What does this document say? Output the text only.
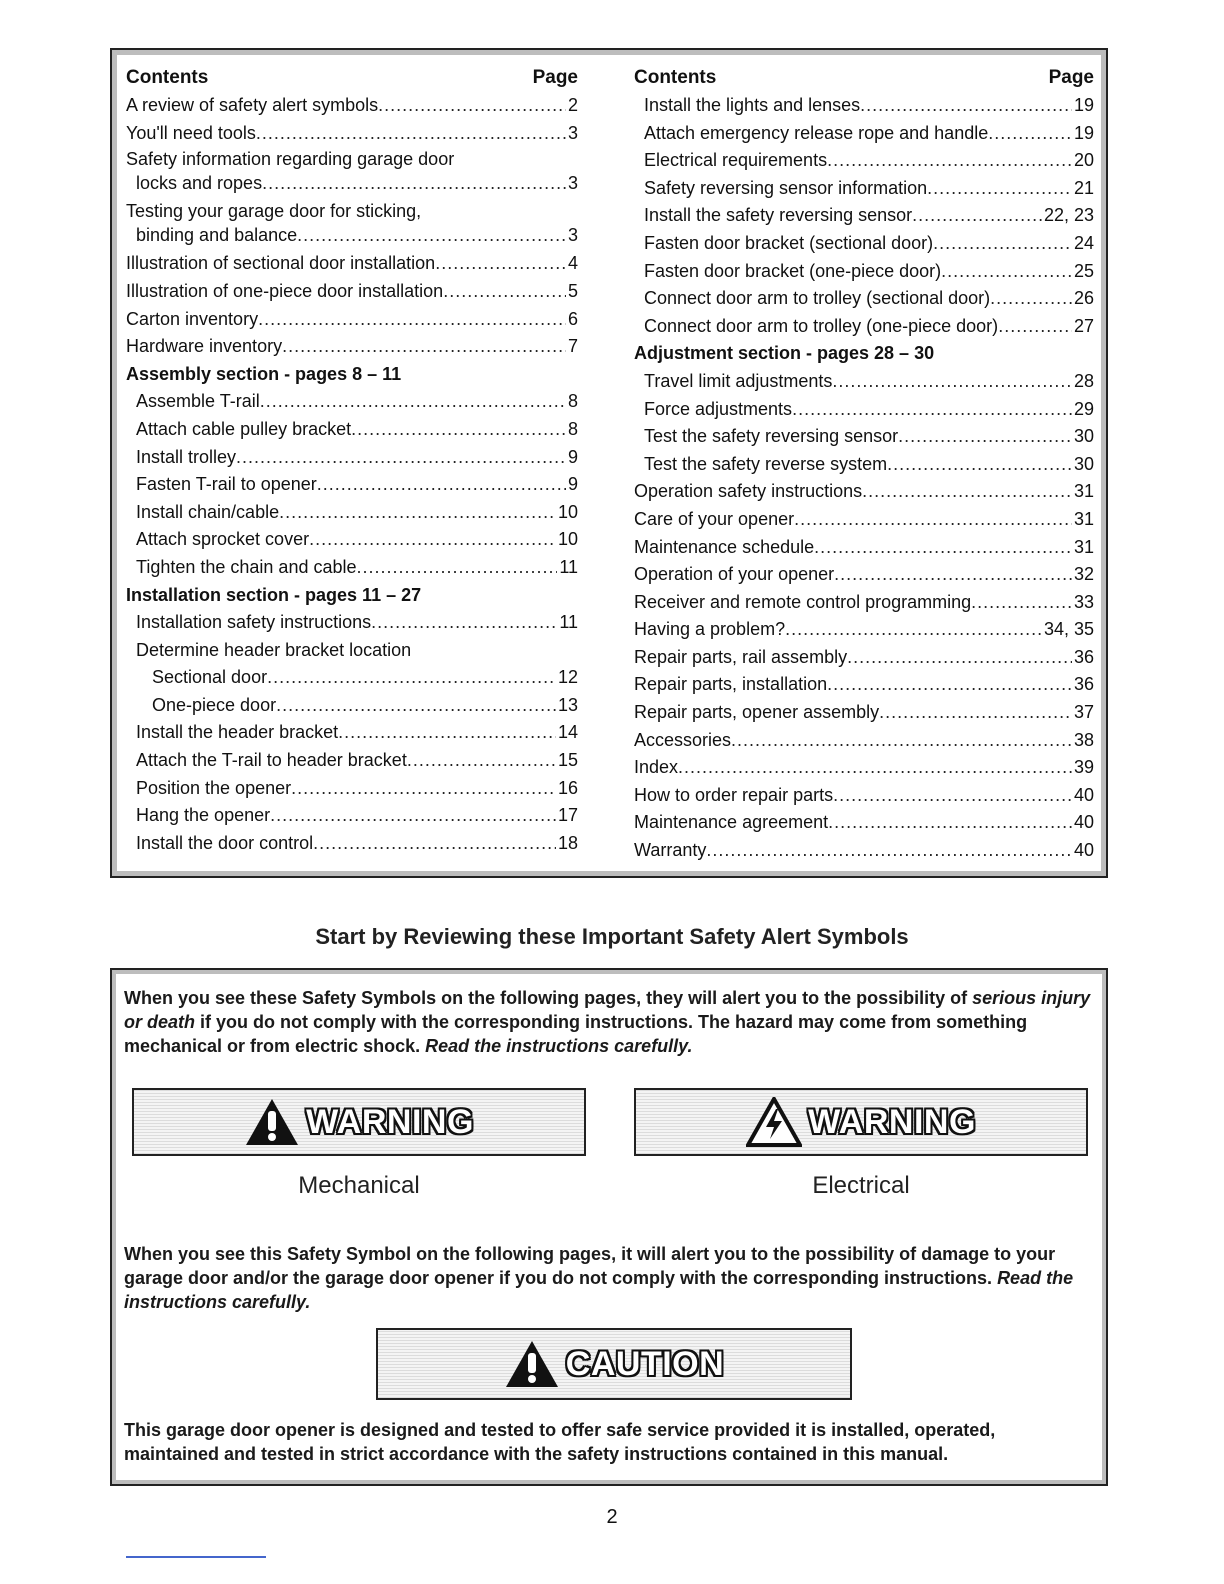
Contents	Page
A review of safety alert symbols .....	2
You'll need tools .....	3
Safety information regarding garage door
locks and ropes .....	3
Testing your garage door for sticking,
binding and balance .....	3
Illustration of sectional door installation .....	4
Illustration of one-piece door installation .....	5
Carton inventory .....	6
Hardware inventory .....	7
Assembly section - pages 8 – 11
Assemble T-rail .....	8
Attach cable pulley bracket .....	8
Install trolley .....	9
Fasten T-rail to opener .....	9
Install chain/cable .....	10
Attach sprocket cover .....	10
Tighten the chain and cable .....	11
Installation section - pages 11 – 27
Installation safety instructions .....	11
Determine header bracket location
Sectional door .....	12
One-piece door .....	13
Install the header bracket .....	14
Attach the T-rail to header bracket .....	15
Position the opener .....	16
Hang the opener .....	17
Install the door control .....	18
Contents	Page
Install the lights and lenses .....	19
Attach emergency release rope and handle .....	19
Electrical requirements .....	20
Safety reversing sensor information .....	21
Install the safety reversing sensor .....	22, 23
Fasten door bracket (sectional door) .....	24
Fasten door bracket (one-piece door) .....	25
Connect door arm to trolley (sectional door) .....	26
Connect door arm to trolley (one-piece door) .....	27
Adjustment section - pages 28 – 30
Travel limit adjustments .....	28
Force adjustments .....	29
Test the safety reversing sensor .....	30
Test the safety reverse system .....	30
Operation safety instructions .....	31
Care of your opener .....	31
Maintenance schedule .....	31
Operation of your opener .....	32
Receiver and remote control programming .....	33
Having a problem? .....	34, 35
Repair parts, rail assembly .....	36
Repair parts, installation .....	36
Repair parts, opener assembly .....	37
Accessories .....	38
Index .....	39
How to order repair parts .....	40
Maintenance agreement .....	40
Warranty .....	40
Start by Reviewing these Important Safety Alert Symbols
When you see these Safety Symbols on the following pages, they will alert you to the possibility of serious injury or death if you do not comply with the corresponding instructions. The hazard may come from something mechanical or from electric shock. Read the instructions carefully.
WARNING	WARNING
Mechanical	Electrical
When you see this Safety Symbol on the following pages, it will alert you to the possibility of damage to your garage door and/or the garage door opener if you do not comply with the corresponding instructions. Read the instructions carefully.
CAUTION
This garage door opener is designed and tested to offer safe service provided it is installed, operated, maintained and tested in strict accordance with the safety instructions contained in this manual.
2
